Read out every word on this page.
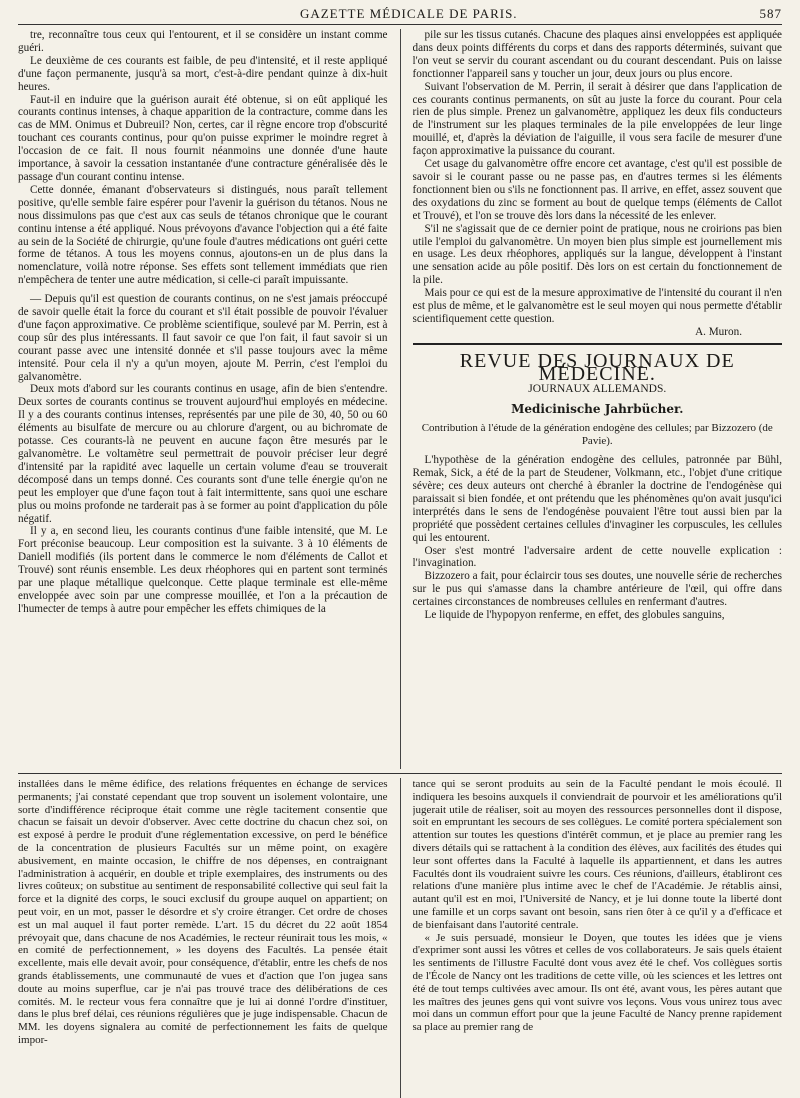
GAZETTE MÉDICALE DE PARIS.	587

tre, reconnaître tous ceux qui l'entourent, et il se considère un instant comme guéri.

Le deuxième de ces courants est faible, de peu d'intensité, et il reste appliqué d'une façon permanente, jusqu'à sa mort, c'est-à-dire pendant quinze à dix-huit heures.

Faut-il en induire que la guérison aurait été obtenue, si on eût appliqué les courants continus intenses, à chaque apparition de la contracture, comme dans les cas de MM. Onimus et Dubreuil? Non, certes, car il règne encore trop d'obscurité touchant ces courants continus, pour qu'on puisse exprimer le moindre regret à l'occasion de ce fait. Il nous fournit néanmoins une donnée d'une haute importance, à savoir la cessation instantanée d'une contracture généralisée dès le passage d'un courant continu intense.

Cette donnée, émanant d'observateurs si distingués, nous paraît tellement positive, qu'elle semble faire espérer pour l'avenir la guérison du tétanos. Nous ne nous dissimulons pas que c'est aux cas seuls de tétanos chronique que le courant continu intense a été appliqué. Nous prévoyons d'avance l'objection qui a été faite au sein de la Société de chirurgie, qu'une foule d'autres médications ont guéri cette forme de tétanos. A tous les moyens connus, ajoutons-en un de plus dans la nomenclature, voilà notre réponse. Ses effets sont tellement immédiats que rien n'empêchera de tenter une autre médication, si celle-ci paraît impuissante.

— Depuis qu'il est question de courants continus, on ne s'est jamais préoccupé de savoir quelle était la force du courant et s'il était possible de pouvoir l'évaluer d'une façon approximative. Ce problème scientifique, soulevé par M. Perrin, est à coup sûr des plus intéressants. Il faut savoir ce que l'on fait, il faut savoir si un courant passe avec une intensité donnée et s'il passe toujours avec la même intensité. Pour cela il n'y a qu'un moyen, ajoute M. Perrin, c'est l'emploi du galvanomètre.

Deux mots d'abord sur les courants continus en usage, afin de bien s'entendre. Deux sortes de courants continus se trouvent aujourd'hui employés en médecine. Il y a des courants continus intenses, représentés par une pile de 30, 40, 50 ou 60 éléments au bisulfate de mercure ou au chlorure d'argent, ou au bichromate de potasse. Ces courants-là ne peuvent en aucune façon être mesurés par le galvanomètre. Le voltamètre seul permettrait de pouvoir préciser leur degré d'intensité par la rapidité avec laquelle un certain volume d'eau se trouverait décomposé dans un temps donné. Ces courants sont d'une telle énergie qu'on ne peut les employer que d'une façon tout à fait intermittente, sans quoi une eschare plus ou moins profonde ne tarderait pas à se former au point d'application du pôle négatif.

Il y a, en second lieu, les courants continus d'une faible intensité, que M. Le Fort préconise beaucoup. Leur composition est la suivante. 3 à 10 éléments de Daniell modifiés (ils portent dans le commerce le nom d'éléments de Callot et Trouvé) sont réunis ensemble. Les deux rhéophores qui en partent sont terminés par une plaque métallique quelconque. Cette plaque terminale est elle-même enveloppée avec soin par une compresse mouillée, et l'on a la précaution de l'humecter de temps à autre pour empêcher les effets chimiques de la

pile sur les tissus cutanés. Chacune des plaques ainsi enveloppées est appliquée dans deux points différents du corps et dans des rapports déterminés, suivant que l'on veut se servir du courant ascendant ou du courant descendant. Puis on laisse fonctionner l'appareil sans y toucher un jour, deux jours ou plus encore.

Suivant l'observation de M. Perrin, il serait à désirer que dans l'application de ces courants continus permanents, on sût au juste la force du courant. Pour cela rien de plus simple. Prenez un galvanomètre, appliquez les deux fils conducteurs de l'instrument sur les plaques terminales de la pile enveloppées de leur linge mouillé, et, d'après la déviation de l'aiguille, il vous sera facile de mesurer d'une façon approximative la puissance du courant.

Cet usage du galvanomètre offre encore cet avantage, c'est qu'il est possible de savoir si le courant passe ou ne passe pas, en d'autres termes si les éléments fonctionnent bien ou s'ils ne fonctionnent pas. Il arrive, en effet, assez souvent que des oxydations du zinc se forment au bout de quelque temps (éléments de Callot et Trouvé), et l'on se trouve dès lors dans la nécessité de les enlever.

S'il ne s'agissait que de ce dernier point de pratique, nous ne croirions pas bien utile l'emploi du galvanomètre. Un moyen bien plus simple est journellement mis en usage. Les deux rhéophores, appliqués sur la langue, développent à l'instant une sensation acide au pôle positif. Dès lors on est certain du fonctionnement de la pile.

Mais pour ce qui est de la mesure approximative de l'intensité du courant il n'en est plus de même, et le galvanomètre est le seul moyen qui nous permette d'établir scientifiquement cette question.

A. Muron.

REVUE DES JOURNAUX DE MÉDECINE.
JOURNAUX ALLEMANDS.
Medicinische Jahrbücher.

Contribution à l'étude de la génération endogène des cellules; par Bizzozero (de Pavie).

L'hypothèse de la génération endogène des cellules, patronnée par Bühl, Remak, Sick, a été de la part de Steudener, Volkmann, etc., l'objet d'une critique sévère; ces deux auteurs ont cherché à ébranler la doctrine de l'endogénèse qui paraissait si bien fondée, et ont prétendu que les phénomènes qu'on avait jusqu'ici interprétés dans le sens de l'endogénèse pouvaient l'être tout aussi bien par la propriété que possèdent certaines cellules d'invaginer les corpuscules, les cellules qui les entourent.

Oser s'est montré l'adversaire ardent de cette nouvelle explication : l'invagination.

Bizzozero a fait, pour éclaircir tous ses doutes, une nouvelle série de recherches sur le pus qui s'amasse dans la chambre antérieure de l'œil, qui offre dans certaines circonstances de nombreuses cellules en renfermant d'autres.

Le liquide de l'hypopyon renferme, en effet, des globules sanguins,

installées dans le même édifice, des relations fréquentes en échange de services permanents; j'ai constaté cependant que trop souvent un isolement volontaire, une sorte d'indifférence réciproque était comme une règle tacitement consentie que chacun se faisait un devoir d'observer. Avec cette doctrine du chacun chez soi, on est exposé à perdre le produit d'une réglementation excessive, on perd le bénéfice de la concentration de plusieurs Facultés sur un même point, on exagère abusivement, en mainte occasion, le chiffre de nos dépenses, en contraignant l'administration à acquérir, en double et triple exemplaires, des instruments ou des livres coûteux; on substitue au sentiment de responsabilité collective qui seul fait la force et la dignité des corps, le souci exclusif du groupe auquel on appartient; on peut voir, en un mot, passer le désordre et s'y croire étranger. Cet ordre de choses est un mal auquel il faut porter remède. L'art. 15 du décret du 22 août 1854 prévoyait que, dans chacune de nos Académies, le recteur réunirait tous les mois, « en comité de perfectionnement, » les doyens des Facultés. La pensée était excellente, mais elle devait avoir, pour conséquence, d'établir, entre les chefs de nos grands établissements, une communauté de vues et d'action que l'on jugea sans doute au moins superflue, car je n'ai pas trouvé trace des délibérations de ces comités. M. le recteur vous fera connaître que je lui ai donné l'ordre d'instituer, dans le plus bref délai, ces réunions régulières que je juge indispensable. Chacun de MM. les doyens signalera au comité de perfectionnement les faits de quelque impor-

tance qui se seront produits au sein de la Faculté pendant le mois écoulé. Il indiquera les besoins auxquels il conviendrait de pourvoir et les améliorations qu'il jugerait utile de réaliser, soit au moyen des ressources personnelles dont il dispose, soit en empruntant les secours de ses collègues. Le comité portera spécialement son attention sur toutes les questions d'intérêt commun, et je place au premier rang les divers détails qui se rattachent à la condition des élèves, aux facilités des études qui leur sont offertes dans la Faculté à laquelle ils appartiennent, et dans les autres Facultés dont ils voudraient suivre les cours. Ces réunions, d'ailleurs, établiront ces relations d'une manière plus intime avec le chef de l'Académie. Je rétablis ainsi, autant qu'il est en moi, l'Université de Nancy, et je lui donne toute la liberté dont une famille et un corps savant ont besoin, sans rien ôter à ce qu'il y a d'efficace et de bienfaisant dans l'autorité centrale.

« Je suis persuadé, monsieur le Doyen, que toutes les idées que je viens d'exprimer sont aussi les vôtres et celles de vos collaborateurs. Je sais quels étaient les sentiments de l'illustre Faculté dont vous avez été le chef. Vos collègues sortis de l'École de Nancy ont les traditions de cette ville, où les sciences et les lettres ont été de tout temps cultivées avec amour. Ils ont été, avant vous, les pères autant que les maîtres des jeunes gens qui vont suivre vos leçons. Vous vous unirez tous avec moi dans un commun effort pour que la jeune Faculté de Nancy prenne rapidement sa place au premier rang de
